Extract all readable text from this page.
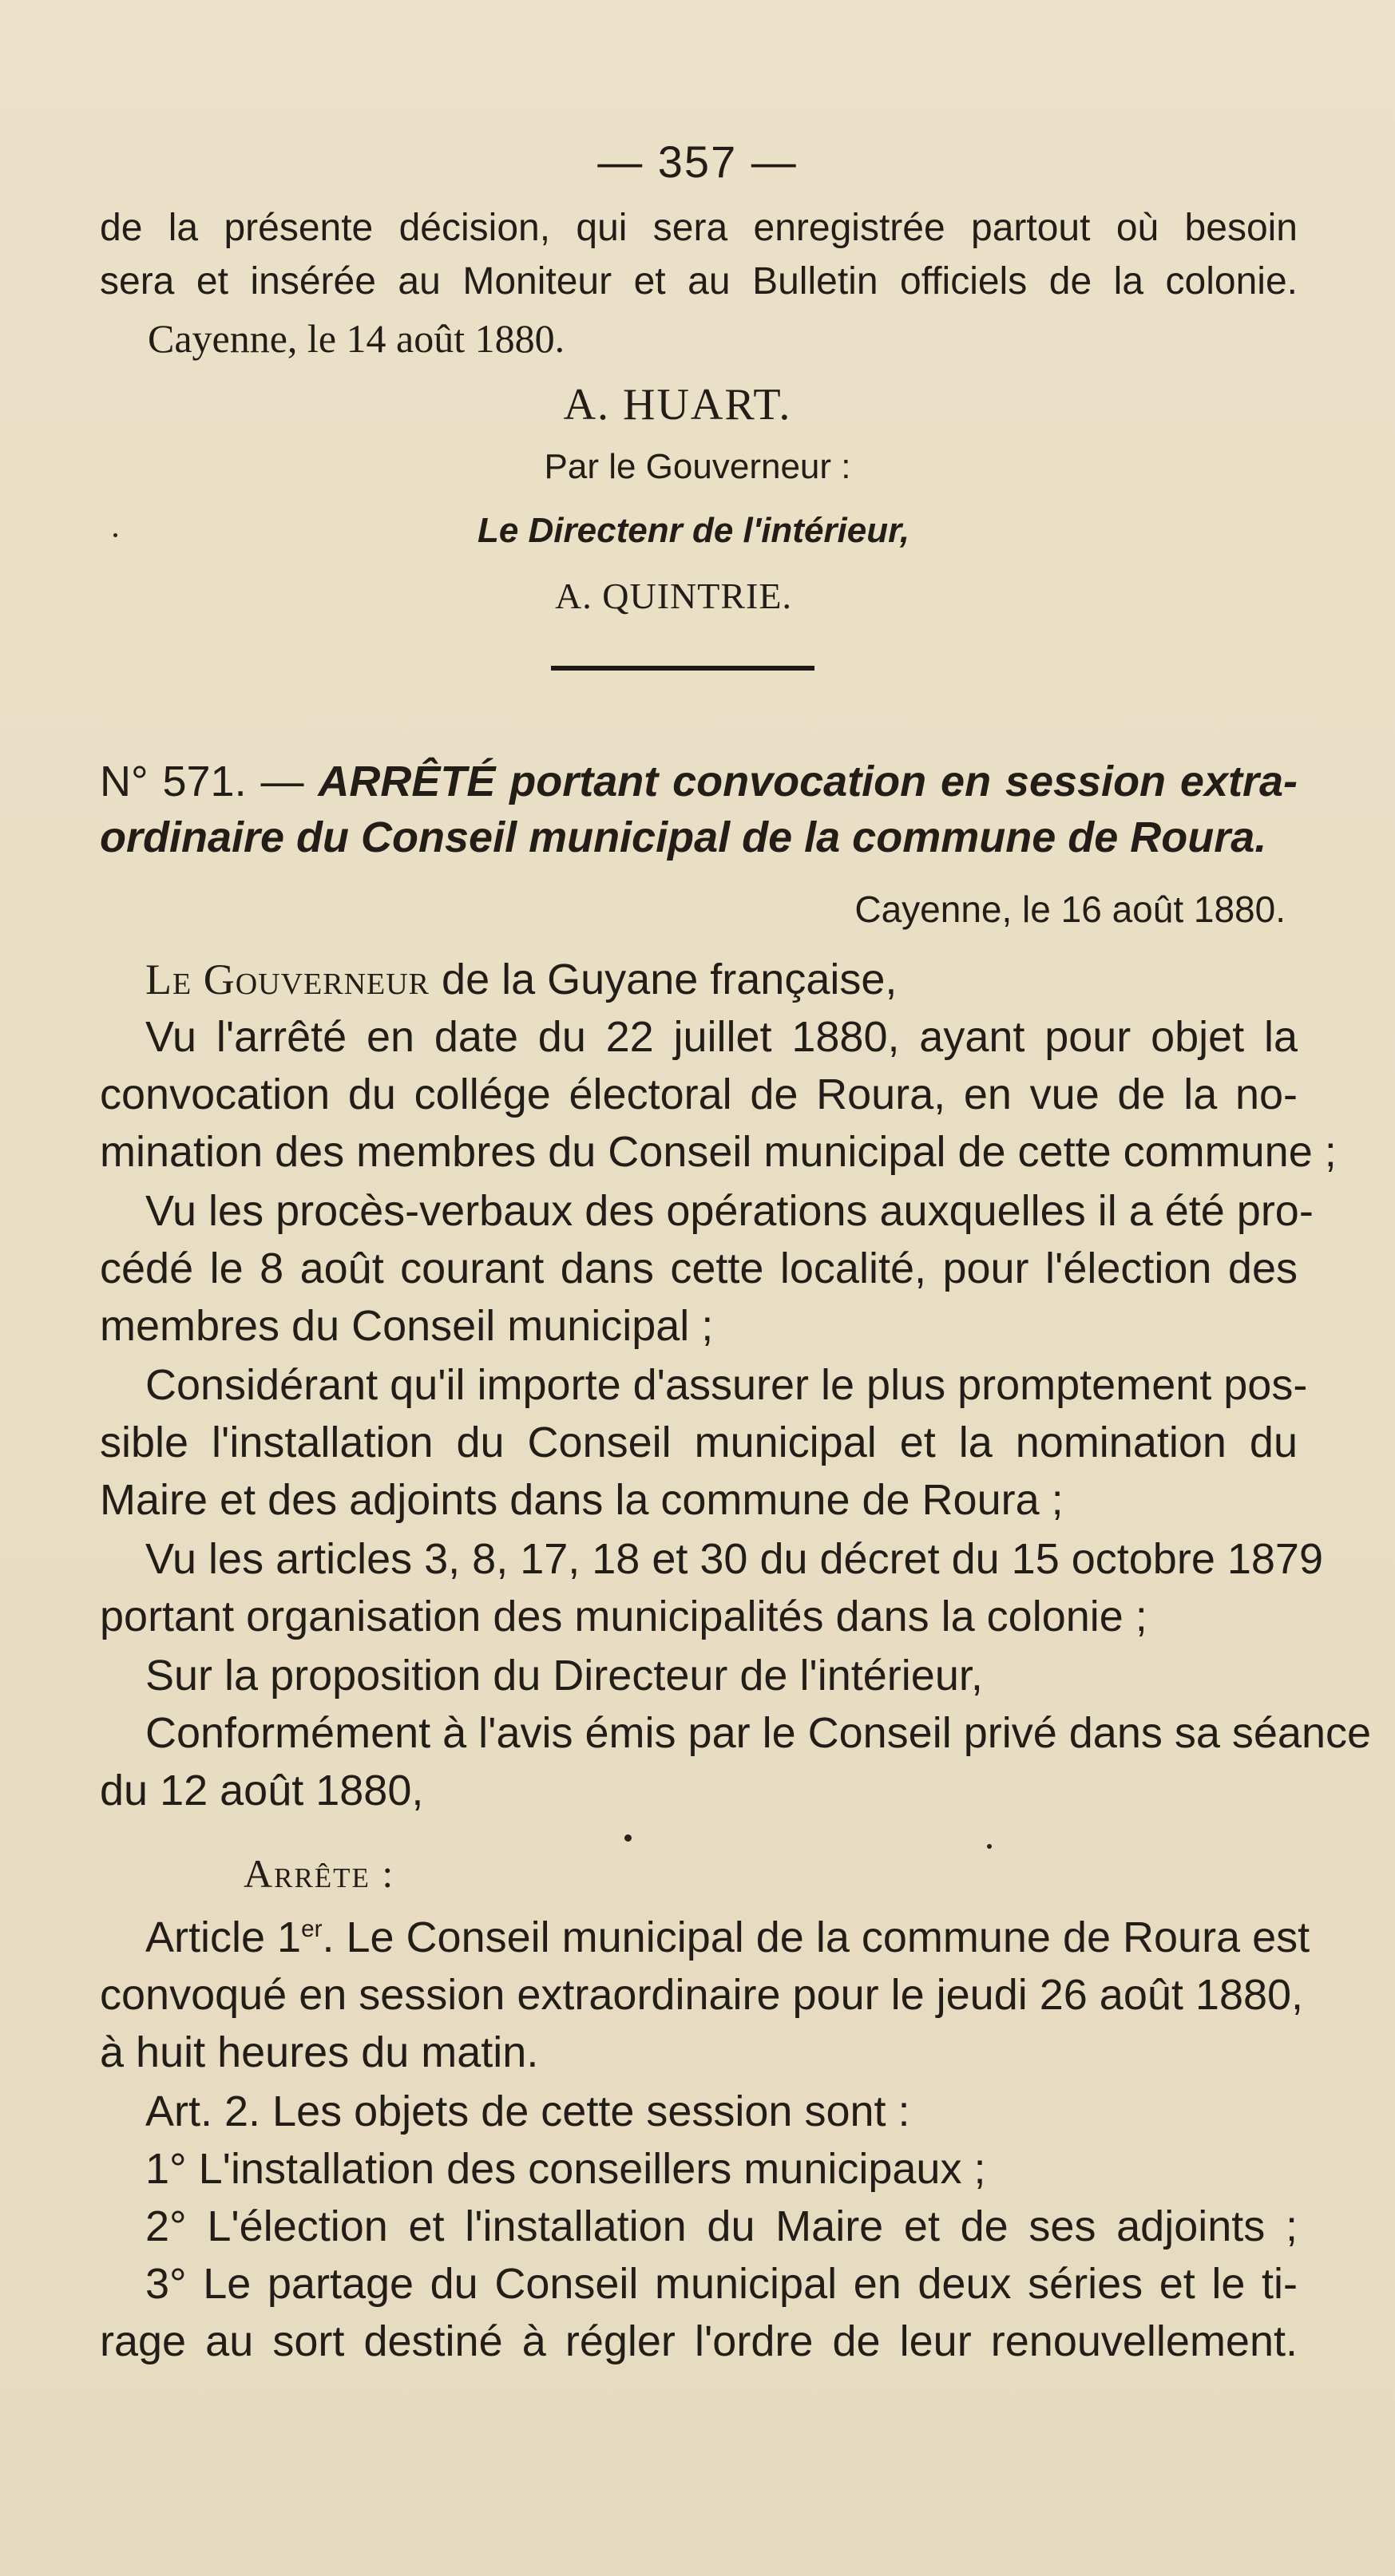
— 357 —
de la présente décision, qui sera enregistrée partout où besoin
sera et insérée au Moniteur et au Bulletin officiels de la colonie.
Cayenne, le 14 août 1880.
A. HUART.
Par le Gouverneur :
Le Directenr de l'intérieur,
A. QUINTRIE.
N° 571. — ARRÊTÉ portant convocation en session extra-
ordinaire du Conseil municipal de la commune de Roura.
Cayenne, le 16 août 1880.
Le Gouverneur de la Guyane française,
Vu l'arrêté en date du 22 juillet 1880, ayant pour objet la
convocation du collége électoral de Roura, en vue de la no-
mination des membres du Conseil municipal de cette commune ;
Vu les procès-verbaux des opérations auxquelles il a été pro-
cédé le 8 août courant dans cette localité, pour l'élection des
membres du Conseil municipal ;
Considérant qu'il importe d'assurer le plus promptement pos-
sible l'installation du Conseil municipal et la nomination du
Maire et des adjoints dans la commune de Roura ;
Vu les articles 3, 8, 17, 18 et 30 du décret du 15 octobre 1879
portant organisation des municipalités dans la colonie ;
Sur la proposition du Directeur de l'intérieur,
Conformément à l'avis émis par le Conseil privé dans sa séance
du 12 août 1880,
Arrête :
Article 1er. Le Conseil municipal de la commune de Roura est
convoqué en session extraordinaire pour le jeudi 26 août 1880,
à huit heures du matin.
Art. 2. Les objets de cette session sont :
1° L'installation des conseillers municipaux ;
2° L'élection et l'installation du Maire et de ses adjoints ;
3° Le partage du Conseil municipal en deux séries et le ti-
rage au sort destiné à régler l'ordre de leur renouvellement.
